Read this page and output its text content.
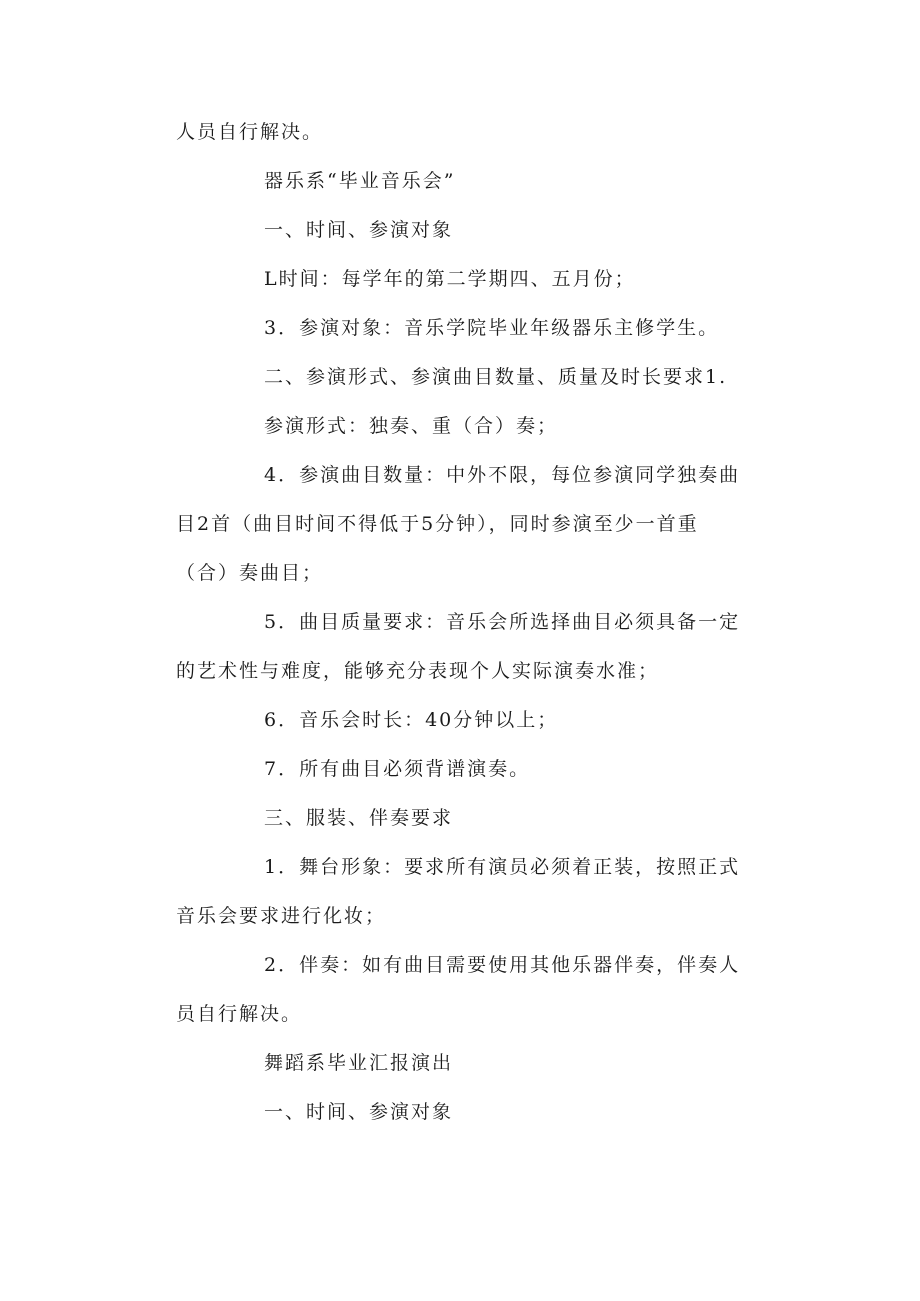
人员自行解决。
器乐系“毕业音乐会”
一、时间、参演对象
L时间：每学年的第二学期四、五月份；
3．参演对象：音乐学院毕业年级器乐主修学生。
二、参演形式、参演曲目数量、质量及时长要求1.
参演形式：独奏、重（合）奏；
4．参演曲目数量：中外不限，每位参演同学独奏曲
目2首（曲目时间不得低于5分钟），同时参演至少一首重
（合）奏曲目；
5．曲目质量要求：音乐会所选择曲目必须具备一定
的艺术性与难度，能够充分表现个人实际演奏水准；
6．音乐会时长：40分钟以上；
7．所有曲目必须背谱演奏。
三、服装、伴奏要求
1．舞台形象：要求所有演员必须着正装，按照正式
音乐会要求进行化妆；
2．伴奏：如有曲目需要使用其他乐器伴奏，伴奏人
员自行解决。
舞蹈系毕业汇报演出
一、时间、参演对象
